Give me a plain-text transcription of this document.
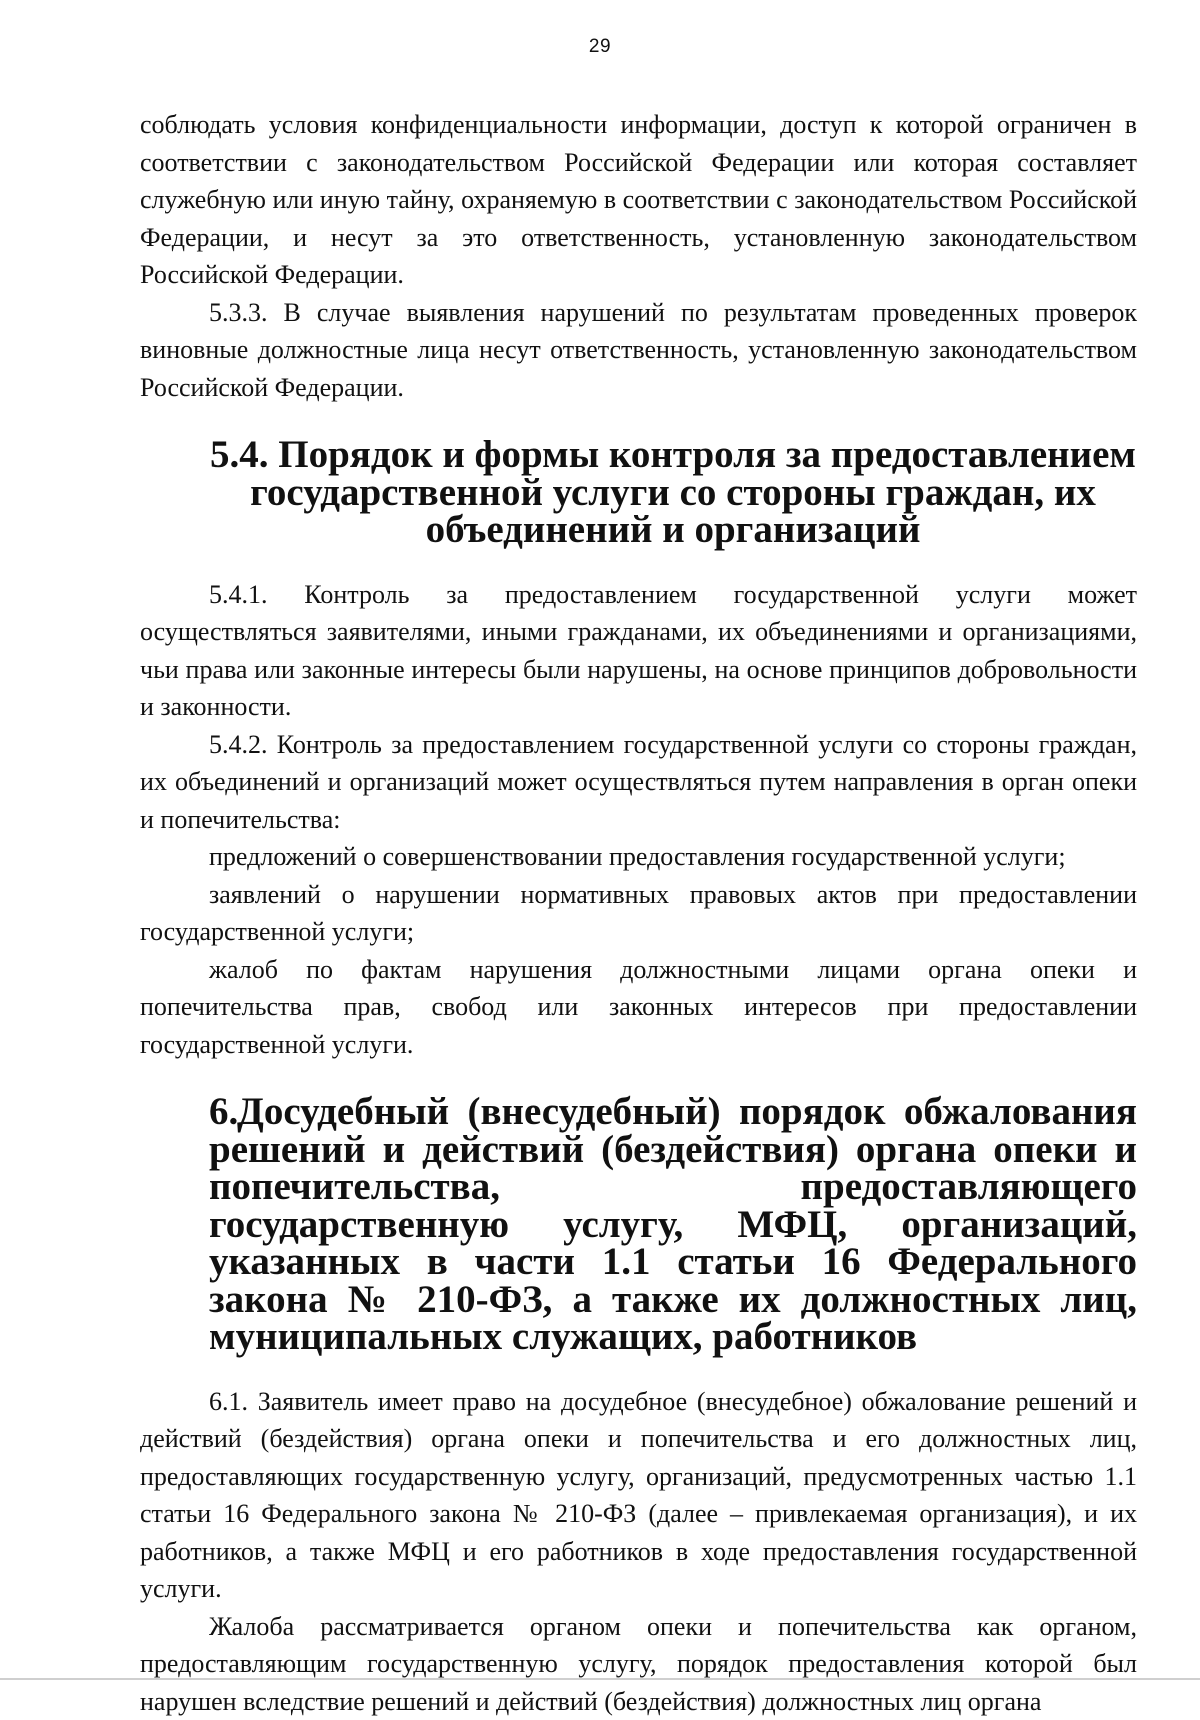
29

соблюдать условия конфиденциальности информации, доступ к которой ограничен в соответствии с законодательством Российской Федерации или которая составляет служебную или иную тайну, охраняемую в соответствии с законодательством Российской Федерации, и несут за это ответственность, установленную законодательством Российской Федерации.

5.3.3. В случае выявления нарушений по результатам проведенных проверок виновные должностные лица несут ответственность, установленную законодательством Российской Федерации.

5.4. Порядок и формы контроля за предоставлением государственной услуги со стороны граждан, их объединений и организаций

5.4.1. Контроль за предоставлением государственной услуги может осуществляться заявителями, иными гражданами, их объединениями и организациями, чьи права или законные интересы были нарушены, на основе принципов добровольности и законности.

5.4.2. Контроль за предоставлением государственной услуги со стороны граждан, их объединений и организаций может осуществляться путем направления в орган опеки и попечительства:

предложений о совершенствовании предоставления государственной услуги;

заявлений о нарушении нормативных правовых актов при предоставлении государственной услуги;

жалоб по фактам нарушения должностными лицами органа опеки и попечительства прав, свобод или законных интересов при предоставлении государственной услуги.

6.Досудебный (внесудебный) порядок обжалования решений и действий (бездействия) органа опеки и попечительства, предоставляющего государственную услугу, МФЦ, организаций, указанных в части 1.1 статьи 16 Федерального закона № 210-ФЗ, а также их должностных лиц, муниципальных служащих, работников

6.1. Заявитель имеет право на досудебное (внесудебное) обжалование решений и действий (бездействия) органа опеки и попечительства и его должностных лиц, предоставляющих государственную услугу, организаций, предусмотренных частью 1.1 статьи 16 Федерального закона № 210-ФЗ (далее – привлекаемая организация), и их работников, а также МФЦ и его работников в ходе предоставления государственной услуги.

Жалоба рассматривается органом опеки и попечительства как органом, предоставляющим государственную услугу, порядок предоставления которой был нарушен вследствие решений и действий (бездействия) должностных лиц органа
